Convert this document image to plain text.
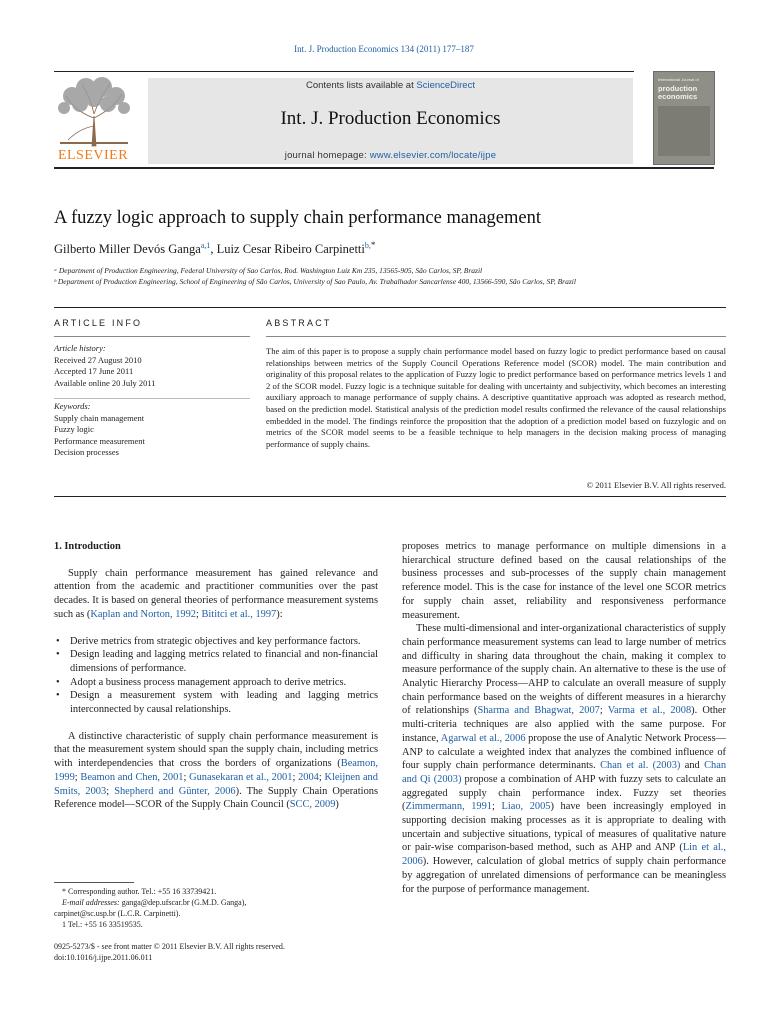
Int. J. Production Economics 134 (2011) 177–187
ELSEVIER
Contents lists available at ScienceDirect
Int. J. Production Economics
journal homepage: www.elsevier.com/locate/ijpe
International Journal of
production
economics
A fuzzy logic approach to supply chain performance management
Gilberto Miller Devós Ganga$^{a,1}$, Luiz Cesar Ribeiro Carpinetti$^{b,*}$
ᵃ Department of Production Engineering, Federal University of Sao Carlos, Rod. Washington Luiz Km 235, 13565-905, São Carlos, SP, Brazil
ᵇ Department of Production Engineering, School of Engineering of São Carlos, University of Sao Paulo, Av. Trabalhador Sancarlense 400, 13566-590, São Carlos, SP, Brazil
ARTICLE INFO	ABSTRACT
Article history:
Received 27 August 2010
Accepted 17 June 2011
Available online 20 July 2011
Keywords:
Supply chain management
Fuzzy logic
Performance measurement
Decision processes
The aim of this paper is to propose a supply chain performance model based on fuzzy logic to predict performance based on causal relationships between metrics of the Supply Council Operations Reference model (SCOR) model. The main contribution and originality of this proposal relates to the application of Fuzzy logic to predict performance based on performance metrics levels 1 and 2 of the SCOR model. Fuzzy logic is a technique suitable for dealing with uncertainty and subjectivity, which becomes an interesting auxiliary approach to manage performance of supply chains. A descriptive quantitative approach was adopted as research method, based on the prediction model. Statistical analysis of the prediction model results confirmed the relevance of the causal relationships embedded in the model. The findings reinforce the proposition that the adoption of a prediction model based on fuzzylogic and on metrics of the SCOR model seems to be a feasible technique to help managers in the decision making process of managing performance of supply chains.
© 2011 Elsevier B.V. All rights reserved.
1. Introduction

Supply chain performance measurement has gained relevance and attention from the academic and practitioner communities over the past decades. It is based on general theories of performance measurement systems such as (Kaplan and Norton, 1992; Bititci et al., 1997):

• Derive metrics from strategic objectives and key performance factors.
• Design leading and lagging metrics related to financial and non-financial dimensions of performance.
• Adopt a business process management approach to derive metrics.
• Design a measurement system with leading and lagging metrics interconnected by causal relationships.

A distinctive characteristic of supply chain performance measurement is that the measurement system should span the supply chain, including metrics with interdependencies that cross the borders of organizations (Beamon, 1999; Beamon and Chen, 2001; Gunasekaran et al., 2001; 2004; Kleijnen and Smits, 2003; Shepherd and Günter, 2006). The Supply Chain Operations Reference model—SCOR of the Supply Chain Council (SCC, 2009)

* Corresponding author. Tel.: +55 16 33739421.
E-mail addresses: ganga@dep.ufscar.br (G.M.D. Ganga),
carpinet@sc.usp.br (L.C.R. Carpinetti).
1 Tel.: +55 16 33519535.
0925-5273/$ - see front matter © 2011 Elsevier B.V. All rights reserved.
doi:10.1016/j.ijpe.2011.06.011

proposes metrics to manage performance on multiple dimensions in a hierarchical structure defined based on the causal relationships of the business processes and sub-processes of the supply chain management reference model. This is the case for instance of the level one SCOR metrics for supply chain asset, reliability and responsiveness performance measurement.

These multi-dimensional and inter-organizational characteristics of supply chain performance measurement systems can lead to large number of metrics and difficulty in sharing data throughout the chain, making it complex to measure performance of the supply chain. An alternative to these is the use of Analytic Hierarchy Process—AHP to calculate an overall measure of supply chain performance based on the weights of different measures in a hierarchy of relationships (Sharma and Bhagwat, 2007; Varma et al., 2008). Other multi-criteria techniques are also applied with the same purpose. For instance, Agarwal et al., 2006 propose the use of Analytic Network Process—ANP to calculate a weighted index that analyzes the combined influence of four supply chain performance determinants. Chan et al. (2003) and Chan and Qi (2003) propose a combination of AHP with fuzzy sets to calculate an aggregated supply chain performance index. Fuzzy set theories (Zimmermann, 1991; Liao, 2005) have been increasingly employed in supporting decision making processes as it is appropriate to dealing with uncertain and subjective situations, typical of measures of qualitative nature or pair-wise comparison-based method, such as AHP and ANP (Lin et al., 2006). However, calculation of global metrics of supply chain performance by aggregation of unrelated dimensions of performance can be meaningless for the purpose of performance management.
